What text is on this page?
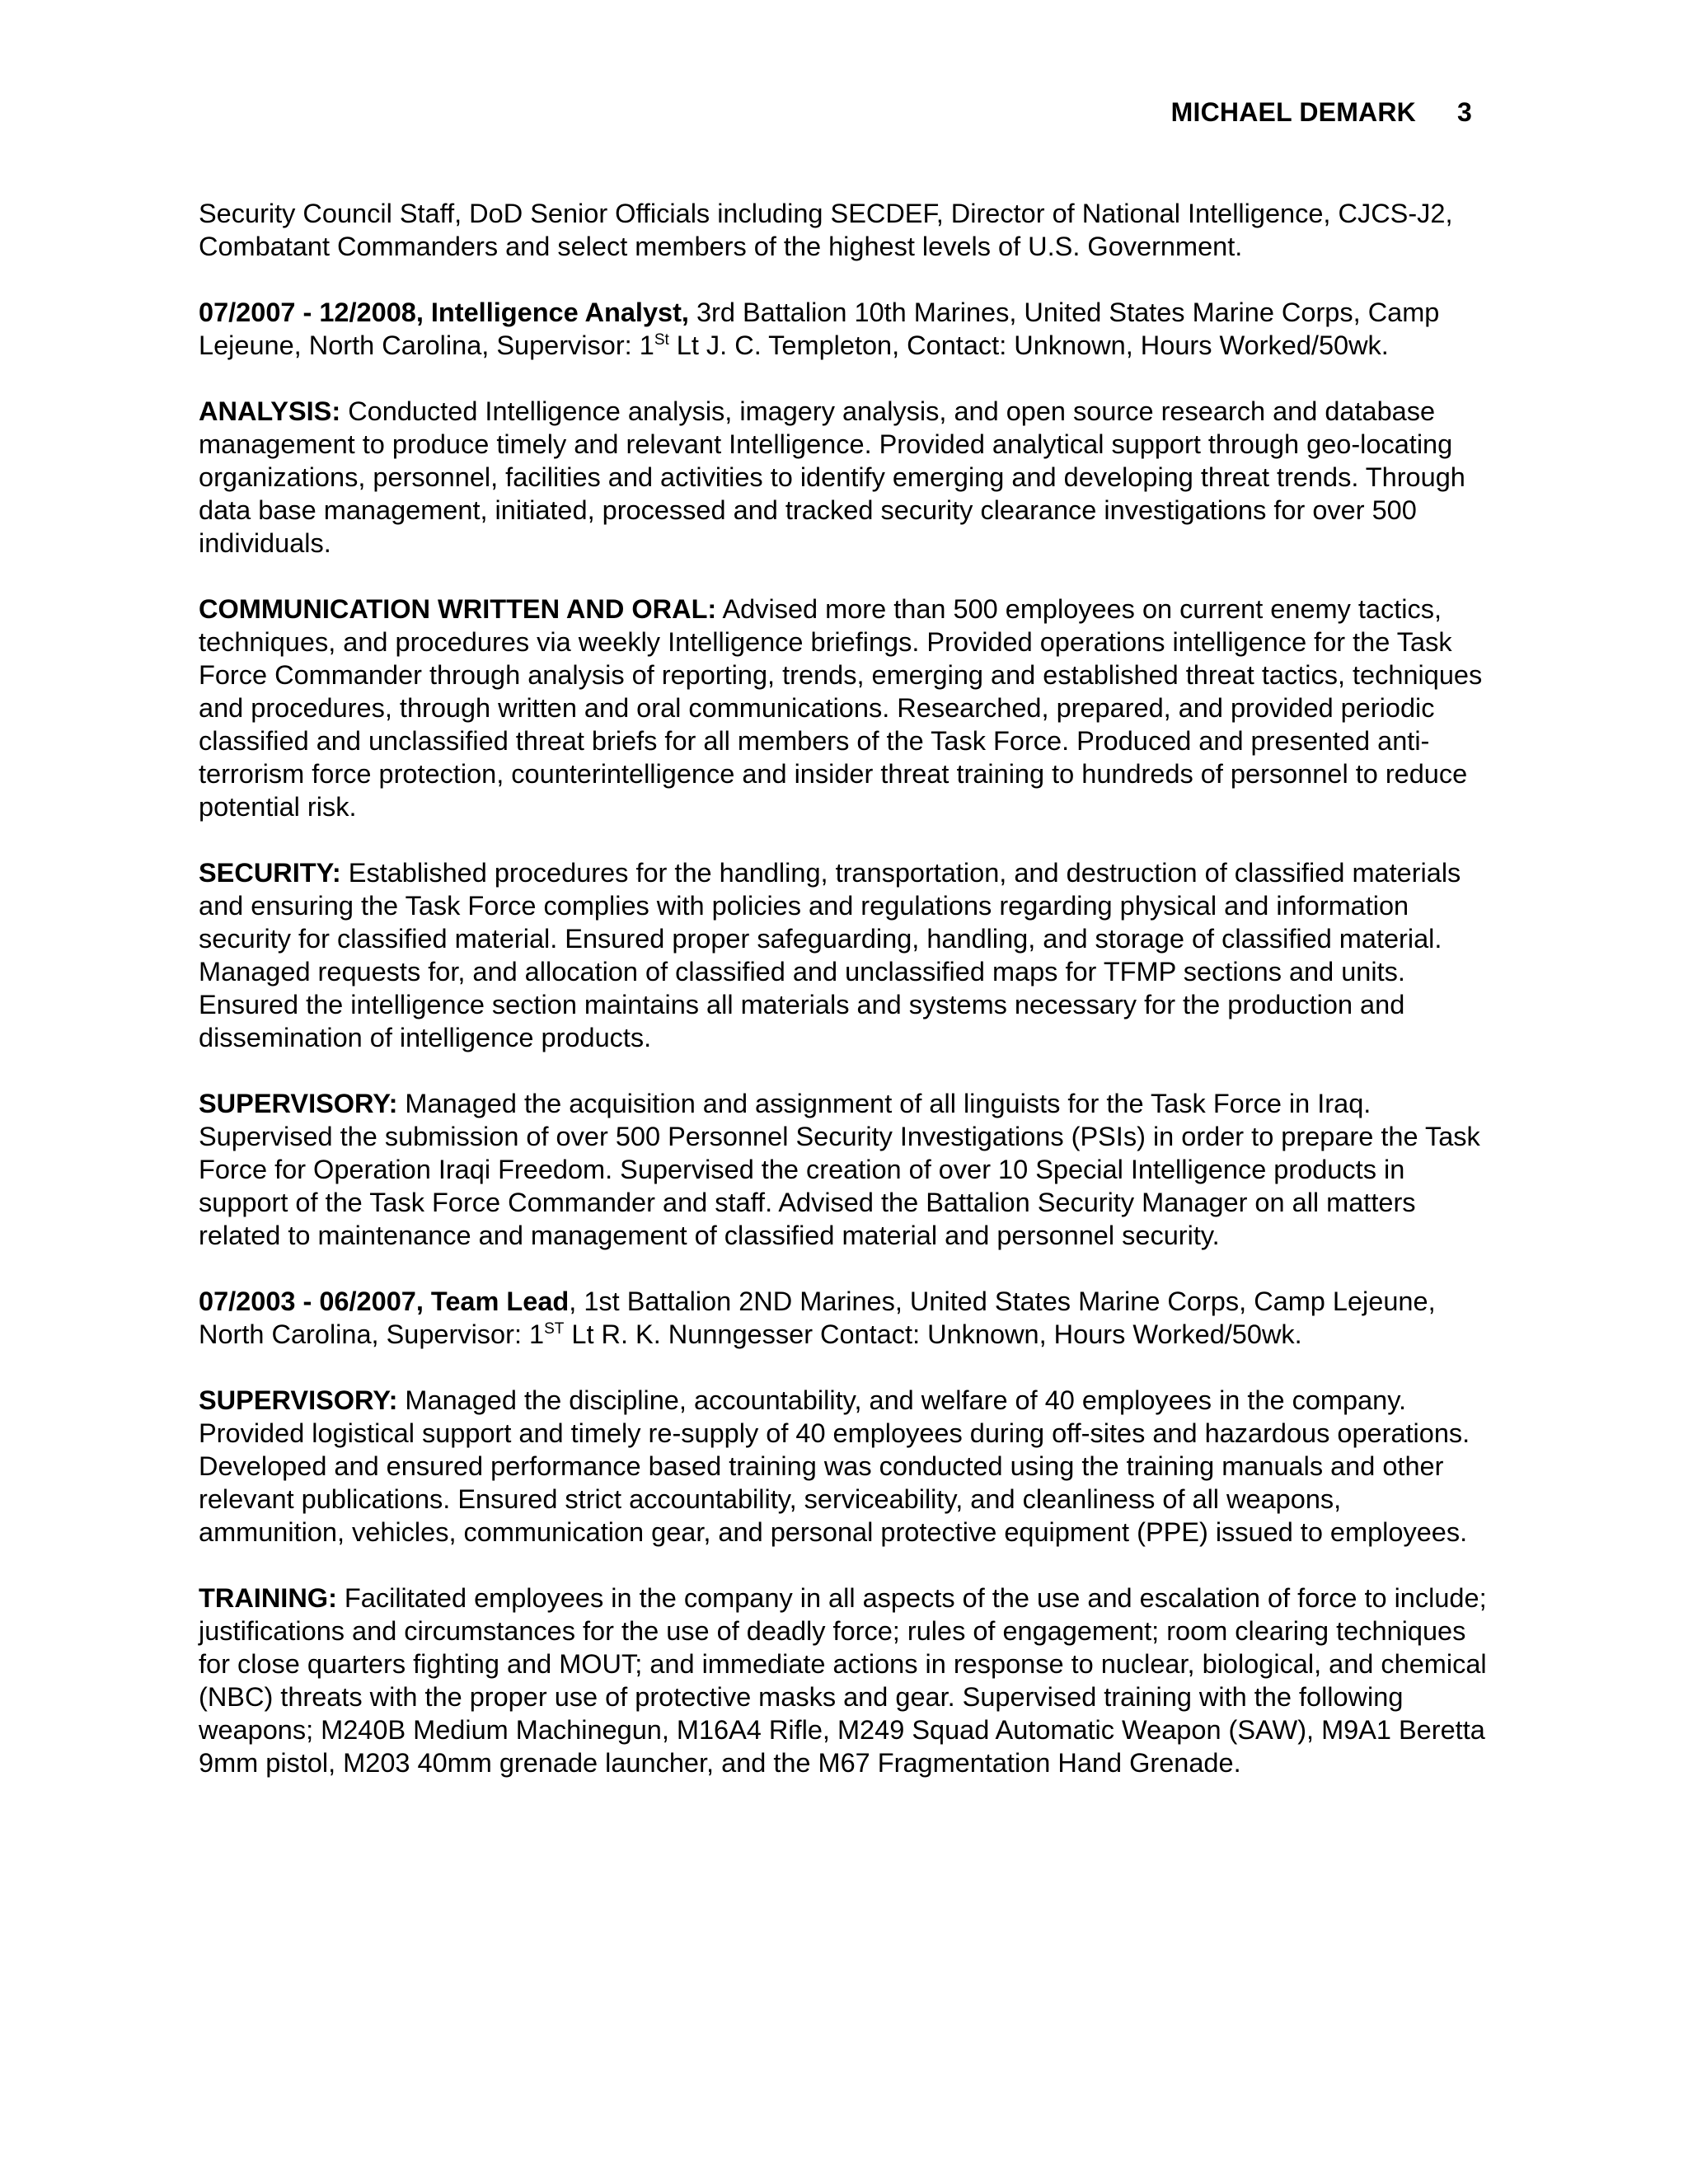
MICHAEL DEMARK 3

Security Council Staff, DoD Senior Officials including SECDEF, Director of National Intelligence, CJCS-J2, Combatant Commanders and select members of the highest levels of U.S. Government.

07/2007 - 12/2008, Intelligence Analyst, 3rd Battalion 10th Marines, United States Marine Corps, Camp Lejeune, North Carolina, Supervisor: 1St Lt J. C. Templeton, Contact: Unknown, Hours Worked/50wk.

ANALYSIS: Conducted Intelligence analysis, imagery analysis, and open source research and database management to produce timely and relevant Intelligence. Provided analytical support through geo-locating organizations, personnel, facilities and activities to identify emerging and developing threat trends. Through data base management, initiated, processed and tracked security clearance investigations for over 500 individuals.

COMMUNICATION WRITTEN AND ORAL: Advised more than 500 employees on current enemy tactics, techniques, and procedures via weekly Intelligence briefings. Provided operations intelligence for the Task Force Commander through analysis of reporting, trends, emerging and established threat tactics, techniques and procedures, through written and oral communications. Researched, prepared, and provided periodic classified and unclassified threat briefs for all members of the Task Force. Produced and presented anti-terrorism force protection, counterintelligence and insider threat training to hundreds of personnel to reduce potential risk.

SECURITY: Established procedures for the handling, transportation, and destruction of classified materials and ensuring the Task Force complies with policies and regulations regarding physical and information security for classified material. Ensured proper safeguarding, handling, and storage of classified material. Managed requests for, and allocation of classified and unclassified maps for TFMP sections and units. Ensured the intelligence section maintains all materials and systems necessary for the production and dissemination of intelligence products.

SUPERVISORY: Managed the acquisition and assignment of all linguists for the Task Force in Iraq. Supervised the submission of over 500 Personnel Security Investigations (PSIs) in order to prepare the Task Force for Operation Iraqi Freedom. Supervised the creation of over 10 Special Intelligence products in support of the Task Force Commander and staff. Advised the Battalion Security Manager on all matters related to maintenance and management of classified material and personnel security.

07/2003 - 06/2007, Team Lead, 1st Battalion 2ND Marines, United States Marine Corps, Camp Lejeune, North Carolina, Supervisor: 1ST Lt R. K. Nunngesser Contact: Unknown, Hours Worked/50wk.

SUPERVISORY: Managed the discipline, accountability, and welfare of 40 employees in the company. Provided logistical support and timely re-supply of 40 employees during off-sites and hazardous operations. Developed and ensured performance based training was conducted using the training manuals and other relevant publications. Ensured strict accountability, serviceability, and cleanliness of all weapons, ammunition, vehicles, communication gear, and personal protective equipment (PPE) issued to employees.

TRAINING: Facilitated employees in the company in all aspects of the use and escalation of force to include; justifications and circumstances for the use of deadly force; rules of engagement; room clearing techniques for close quarters fighting and MOUT; and immediate actions in response to nuclear, biological, and chemical (NBC) threats with the proper use of protective masks and gear. Supervised training with the following weapons; M240B Medium Machinegun, M16A4 Rifle, M249 Squad Automatic Weapon (SAW), M9A1 Beretta 9mm pistol, M203 40mm grenade launcher, and the M67 Fragmentation Hand Grenade.
